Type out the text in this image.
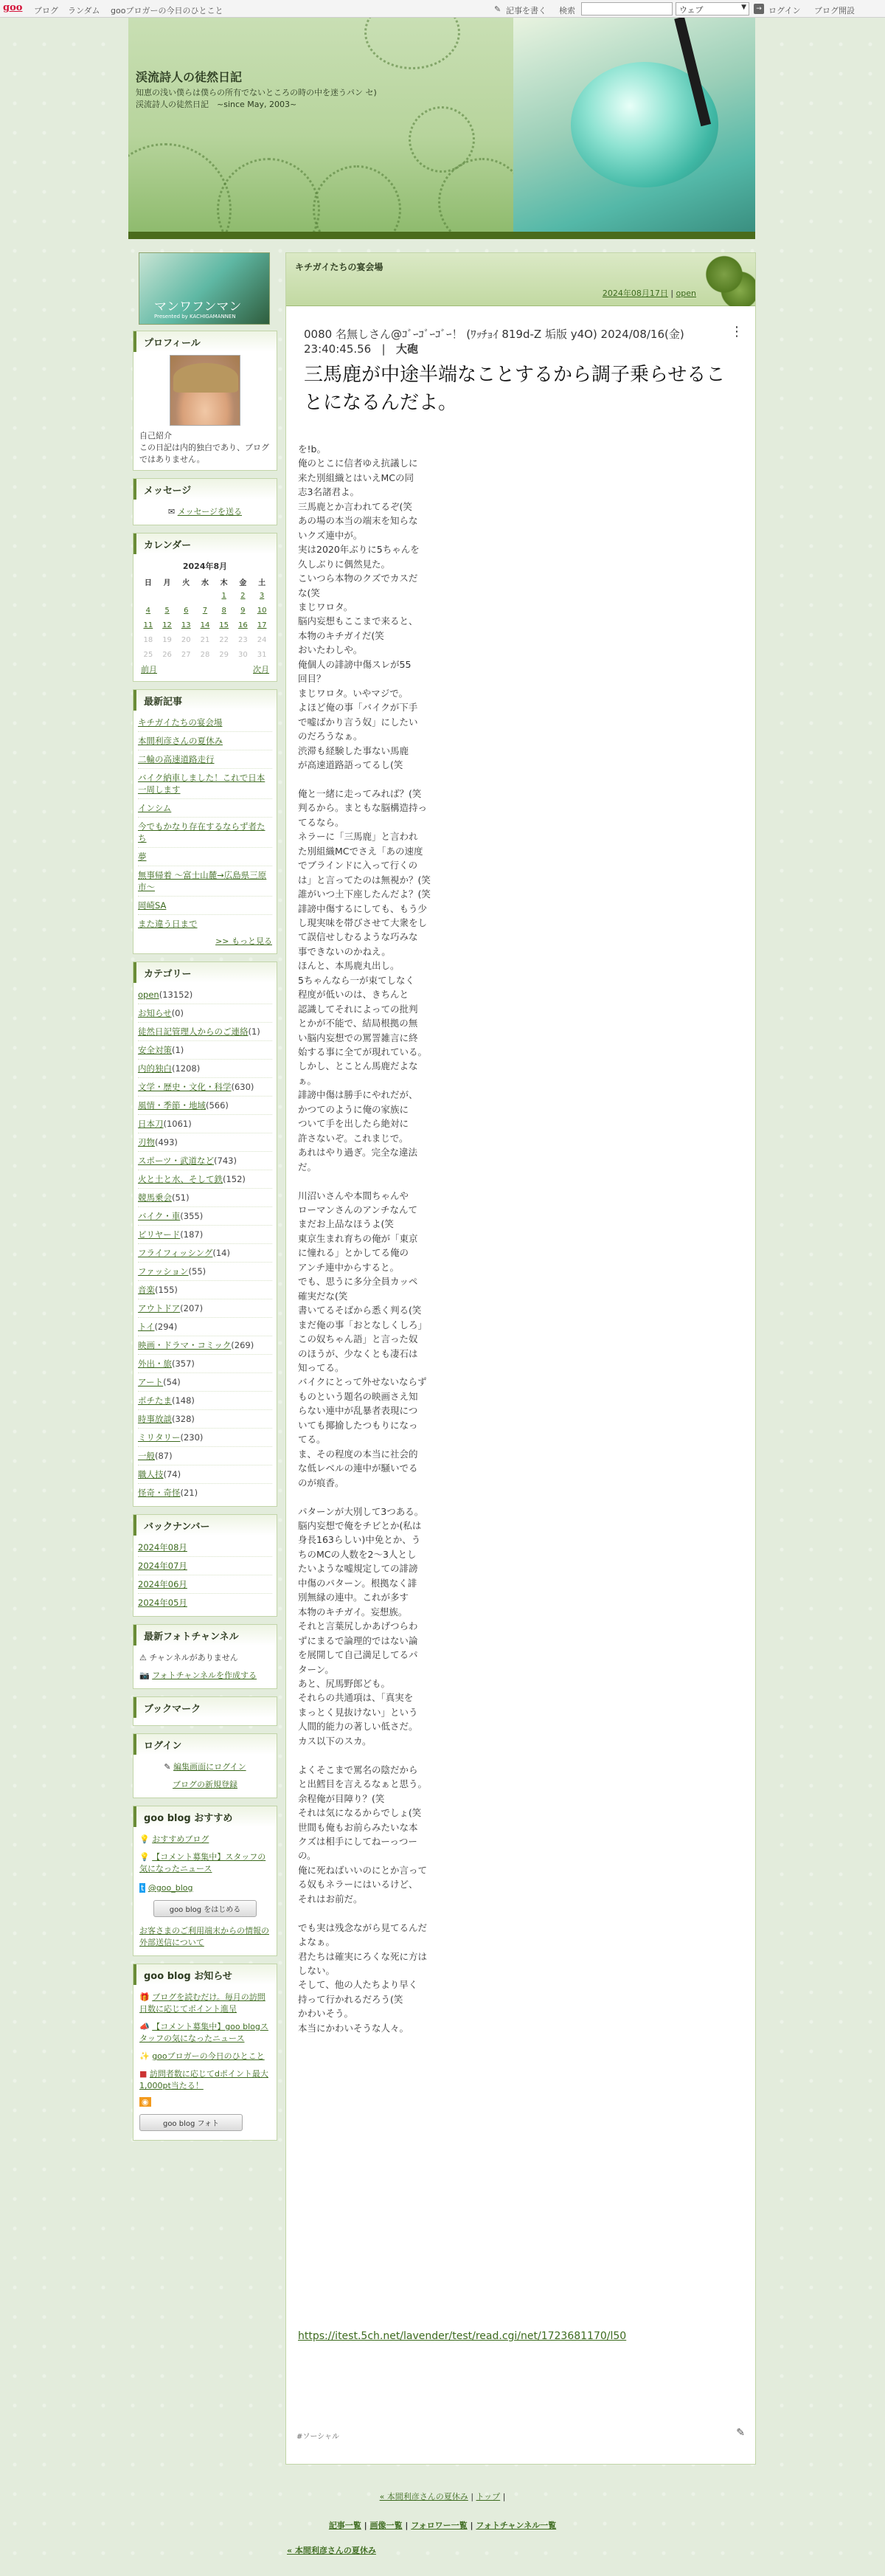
goo ブログ ランダム gooブロガーの今日のひとこと	✎ 記事を書く 検索	ウェブ	▼	→ ログイン ブログ開設
渓流詩人の徒然日記
知恵の浅い僕らは僕らの所有でないところの時の中を迷うパン セ) 渓流詩人の徒然日記　~since May, 2003~
マンワフンマン
Presented by KACHIGAMANNEN
プロフィール
自己紹介
この日記は内的独白であり、ブログではありません。
メッセージ
✉ メッセージを送る
カレンダー
2024年8月
日	月	火	水	木	金	土
				1	2	3
4	5	6	7	8	9	10
11	12	13	14	15	16	17
18	19	20	21	22	23	24
25	26	27	28	29	30	31
前月	次月
最新記事
キチガイたちの宴会場
本間利彦さんの夏休み
二輪の高速道路走行
バイク納車しました！これで日本一周します
インシム
今でもかなり存在するならず者たち
夢
無事帰着 ～富士山麓→広島県三原市～
岡崎SA
また違う日まで
>> もっと見る
カテゴリー
open(13152)
お知らせ(0)
徒然日記管理人からのご連絡(1)
安全対策(1)
内的独白(1208)
文学・歴史・文化・科学(630)
風情・季節・地域(566)
日本刀(1061)
刃物(493)
スポーツ・武道など(743)
火と土と水、そして鉄(152)
競馬乗会(51)
バイク・車(355)
ビリヤード(187)
フライフィッシング(14)
ファッション(55)
音楽(155)
アウトドア(207)
トイ(294)
映画・ドラマ・コミック(269)
外出・旅(357)
アート(54)
ポチたま(148)
時事放談(328)
ミリタリー(230)
一般(87)
職人技(74)
怪奇・奇怪(21)
バックナンバー
2024年08月
2024年07月
2024年06月
2024年05月
最新フォトチャンネル
⚠ チャンネルがありません
📷 フォトチャンネルを作成する
ブックマーク
ログイン
✎ 編集画面にログイン
ブログの新規登録
goo blog おすすめ
💡 おすすめブログ
💡 【コメント募集中】スタッフの気になったニュース
t @goo_blog
goo blog をはじめる
お客さまのご利用端末からの情報の外部送信について
goo blog お知らせ
🎁 ブログを読むだけ。毎月の訪問日数に応じてポイント進呈
📣 【コメント募集中】goo blogスタッフの気になったニュース
✨ gooブロガーの今日のひとこと
■ 訪問者数に応じてdポイント最大1,000pt当たる！
◉
goo blog フォト
キチガイたちの宴会場
2024年08月17日 | open
⋮
0080 名無しさん@ｺﾞｰｺﾞｰｺﾞｰ！ (ﾜｯﾁｮｲ 819d-Z 垢版 y4O) 2024/08/16(金) 23:40:45.56   |   大砲
三馬鹿が中途半端なことするから調子乗らせることになるんだよ。
を!b。
俺のとこに信者ゆえ抗議しに
来た別組織とはいえMCの同
志3名諸君よ。
三馬鹿とか言われてるぞ(笑
あの場の本当の端末を知らな
いクズ連中が。
実は2020年ぶりに5ちゃんを
久しぶりに偶然見た。
こいつら本物のクズでカスだ
な(笑
まじワロタ。
脳内妄想もここまで来ると、
本物のキチガイだ(笑
おいたわしや。
俺個人の誹謗中傷スレが55
回目？
まじワロタ。いやマジで。
よほど俺の事「バイクが下手
で嘘ばかり言う奴」にしたい
のだろうなぁ。
渋滞も経験した事ない馬鹿
が高速道路語ってるし(笑

俺と一緒に走ってみれば？(笑
判るから。まともな脳構造持っ
てるなら。
ネラーに「三馬鹿」と言われ
た別組織MCでさえ「あの速度
でブラインドに入って行くの
は」と言ってたのは無視か？(笑
誰がいつ土下座したんだよ？(笑
誹謗中傷するにしても、もう少
し現実味を帯びさせて大衆をし
て誤信せしむるような巧みな
事できないのかねえ。
ほんと、本馬鹿丸出し。
5ちゃんなら一が束てしなく
程度が低いのは、きちんと
認識してそれによっての批判
とかが不能で、結局根拠の無
い脳内妄想での罵詈雑言に終
始する事に全てが現れている。
しかし、とことん馬鹿だよな
ぁ。
誹謗中傷は勝手にやれだが、
かつてのように俺の家族に
ついて手を出したら絶対に
許さないぞ。これまじで。
あれはやり過ぎ。完全な違法
だ。

川沼いさんや本間ちゃんや
ローマンさんのアンチなんて
まだお上品なほうよ(笑
東京生まれ育ちの俺が「東京
に憧れる」とかしてる俺の
アンチ連中からすると。
でも、思うに多分全員カッペ
確実だな(笑
書いてるそばから悉く判る(笑
まだ俺の事「おとなしくしろ」
この奴ちゃん語」と言った奴
のほうが、少なくとも凄石は
知ってる。
バイクにとって外せないならず
ものという題名の映画さえ知
らない連中が乱暴者表現につ
いても揶揄したつもりになっ
てる。
ま、その程度の本当に社会的
な低レベルの連中が騒いでる
のが痕香。

パターンが大別して3つある。
脳内妄想で俺をチビとか(私は
身長163らしい)中免とか、う
ちのMCの人数を2～3人とし
たいような嘘規定しての誹謗
中傷のパターン。根拠なく誹
別無縁の連中。これが多す
本物のキチガイ。妄想族。
それと言葉尻しかあげつらわ
ずにまるで論理的ではない論
を展開して自己満足してるパ
ターン。
あと、尻馬野郎ども。
それらの共通項は、「真実を
まっとく見抜けない」という
人間的能力の著しい低さだ。
カス以下のスカ。

よくそこまで罵名の陰だから
と出鱈目を言えるなぁと思う。
余程俺が目障り？(笑
それは気になるからでしょ(笑
世間も俺もお前らみたいな本
クズは相手にしてねーっつー
の。
俺に死ねばいいのにとか言って
る奴もネラーにはいるけど、
それはお前だ。

でも実は残念ながら見てるんだ
よなぁ。
君たちは確実にろくな死に方は
しない。
そして、他の人たちより早く
持って行かれるだろう(笑
かわいそう。
本当にかわいそうな人々。
https://itest.5ch.net/lavender/test/read.cgi/net/1723681170/l50
#ソーシャル	✎
« 本間利彦さんの夏休み | トップ |
記事一覧 | 画像一覧 | フォロワー一覧 | フォトチャンネル一覧
« 本間利彦さんの夏休み
